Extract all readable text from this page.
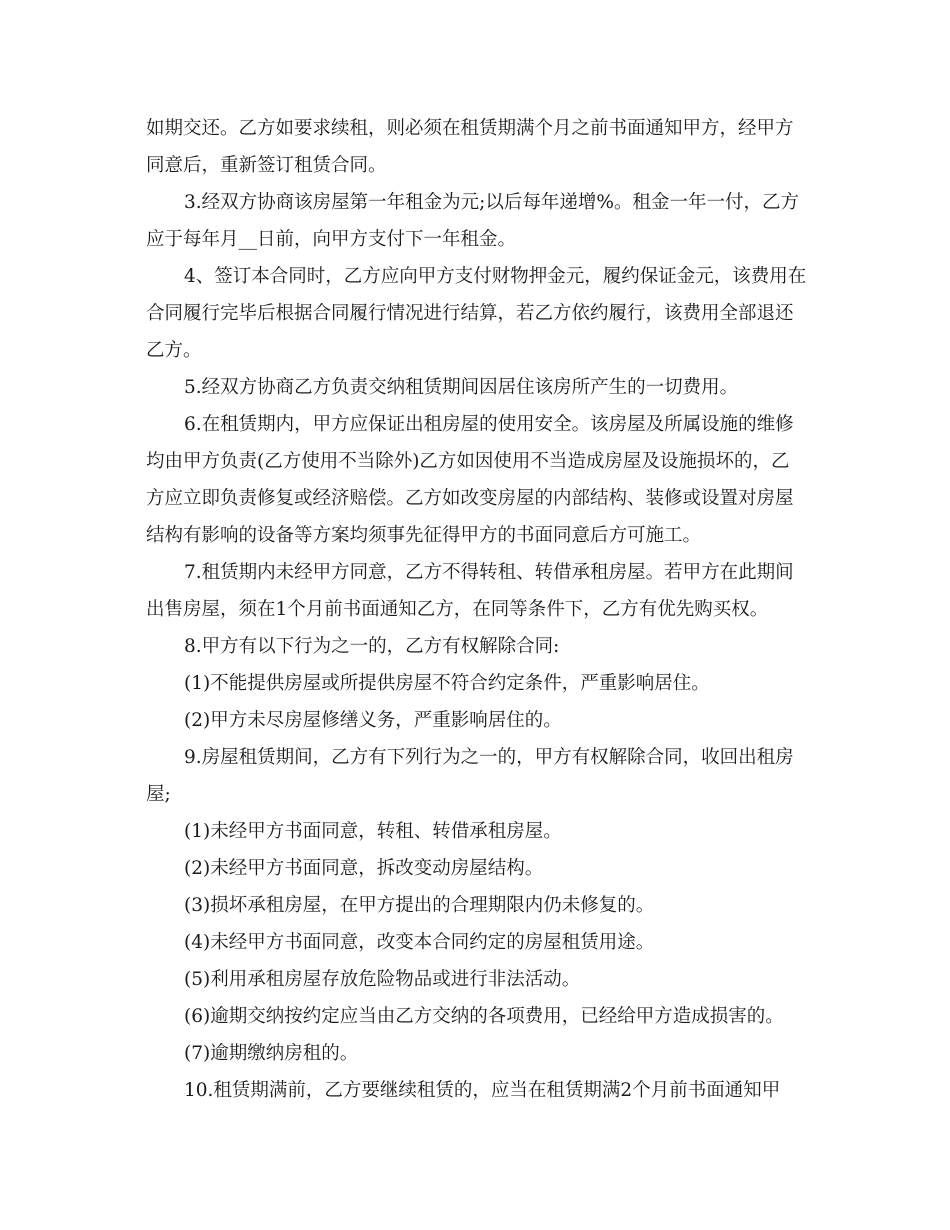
如期交还。乙方如要求续租，则必须在租赁期满个月之前书面通知甲方，经甲方
同意后，重新签订租赁合同。
3.经双方协商该房屋第一年租金为元;以后每年递增%。租金一年一付，乙方
应于每年月__日前，向甲方支付下一年租金。
4、签订本合同时，乙方应向甲方支付财物押金元，履约保证金元，该费用在
合同履行完毕后根据合同履行情况进行结算，若乙方依约履行，该费用全部退还
乙方。
5.经双方协商乙方负责交纳租赁期间因居住该房所产生的一切费用。
6.在租赁期内，甲方应保证出租房屋的使用安全。该房屋及所属设施的维修
均由甲方负责(乙方使用不当除外)乙方如因使用不当造成房屋及设施损坏的，乙
方应立即负责修复或经济赔偿。乙方如改变房屋的内部结构、装修或设置对房屋
结构有影响的设备等方案均须事先征得甲方的书面同意后方可施工。
7.租赁期内未经甲方同意，乙方不得转租、转借承租房屋。若甲方在此期间
出售房屋，须在1个月前书面通知乙方，在同等条件下，乙方有优先购买权。
8.甲方有以下行为之一的，乙方有权解除合同:
(1)不能提供房屋或所提供房屋不符合约定条件，严重影响居住。
(2)甲方未尽房屋修缮义务，严重影响居住的。
9.房屋租赁期间，乙方有下列行为之一的，甲方有权解除合同，收回出租房
屋;
(1)未经甲方书面同意，转租、转借承租房屋。
(2)未经甲方书面同意，拆改变动房屋结构。
(3)损坏承租房屋，在甲方提出的合理期限内仍未修复的。
(4)未经甲方书面同意，改变本合同约定的房屋租赁用途。
(5)利用承租房屋存放危险物品或进行非法活动。
(6)逾期交纳按约定应当由乙方交纳的各项费用，已经给甲方造成损害的。
(7)逾期缴纳房租的。
10.租赁期满前，乙方要继续租赁的，应当在租赁期满2个月前书面通知甲
